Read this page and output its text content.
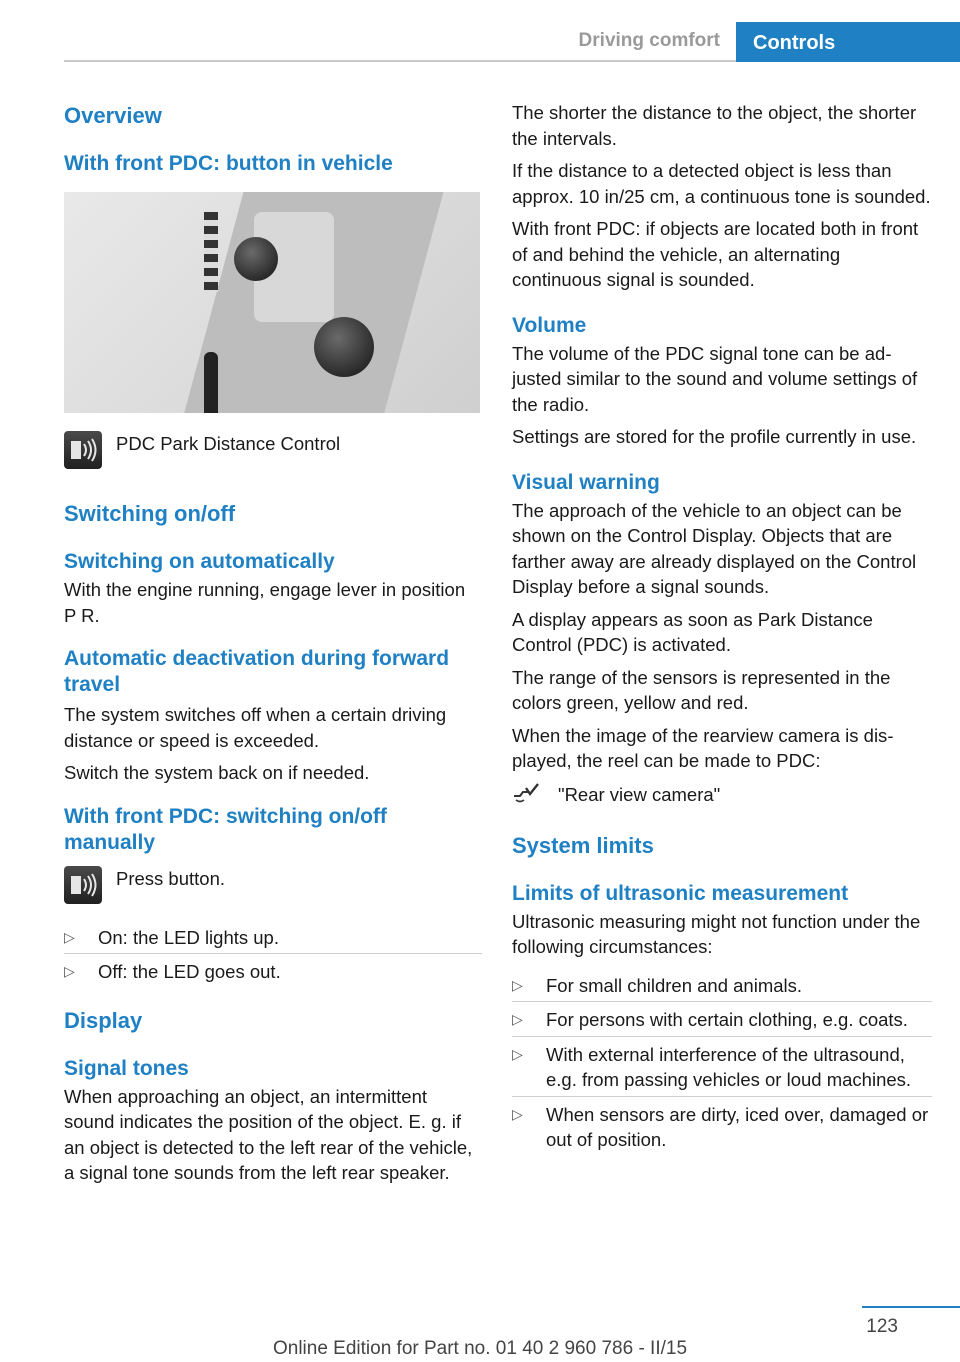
Driving comfort	Controls
Overview
With front PDC: button in vehicle
PDC Park Distance Control
Switching on/off
Switching on automatically

With the engine running, engage lever in position P R.

Automatic deactivation during forward travel

The system switches off when a certain driving distance or speed is exceeded.

Switch the system back on if needed.

With front PDC: switching on/off manually
Press button.
▷	On: the LED lights up.
▷	Off: the LED goes out.
Display
Signal tones

When approaching an object, an intermittent sound indicates the position of the object. E. g. if an object is detected to the left rear of the vehicle, a signal tone sounds from the left rear speaker.

The shorter the distance to the object, the shorter the intervals.

If the distance to a detected object is less than approx. 10 in/25 cm, a continuous tone is sounded.

With front PDC: if objects are located both in front of and behind the vehicle, an alternating continuous signal is sounded.

Volume

The volume of the PDC signal tone can be adjusted similar to the sound and volume settings of the radio.

Settings are stored for the profile currently in use.

Visual warning

The approach of the vehicle to an object can be shown on the Control Display. Objects that are farther away are already displayed on the Control Display before a signal sounds.

A display appears as soon as Park Distance Control (PDC) is activated.

The range of the sensors is represented in the colors green, yellow and red.

When the image of the rearview camera is displayed, the reel can be made to PDC:

"Rear view camera"
System limits
Limits of ultrasonic measurement

Ultrasonic measuring might not function under the following circumstances:

▷	For small children and animals.
▷	For persons with certain clothing, e.g. coats.
▷	With external interference of the ultrasound, e.g. from passing vehicles or loud machines.
▷	When sensors are dirty, iced over, damaged or out of position.
123
Online Edition for Part no. 01 40 2 960 786 - II/15
